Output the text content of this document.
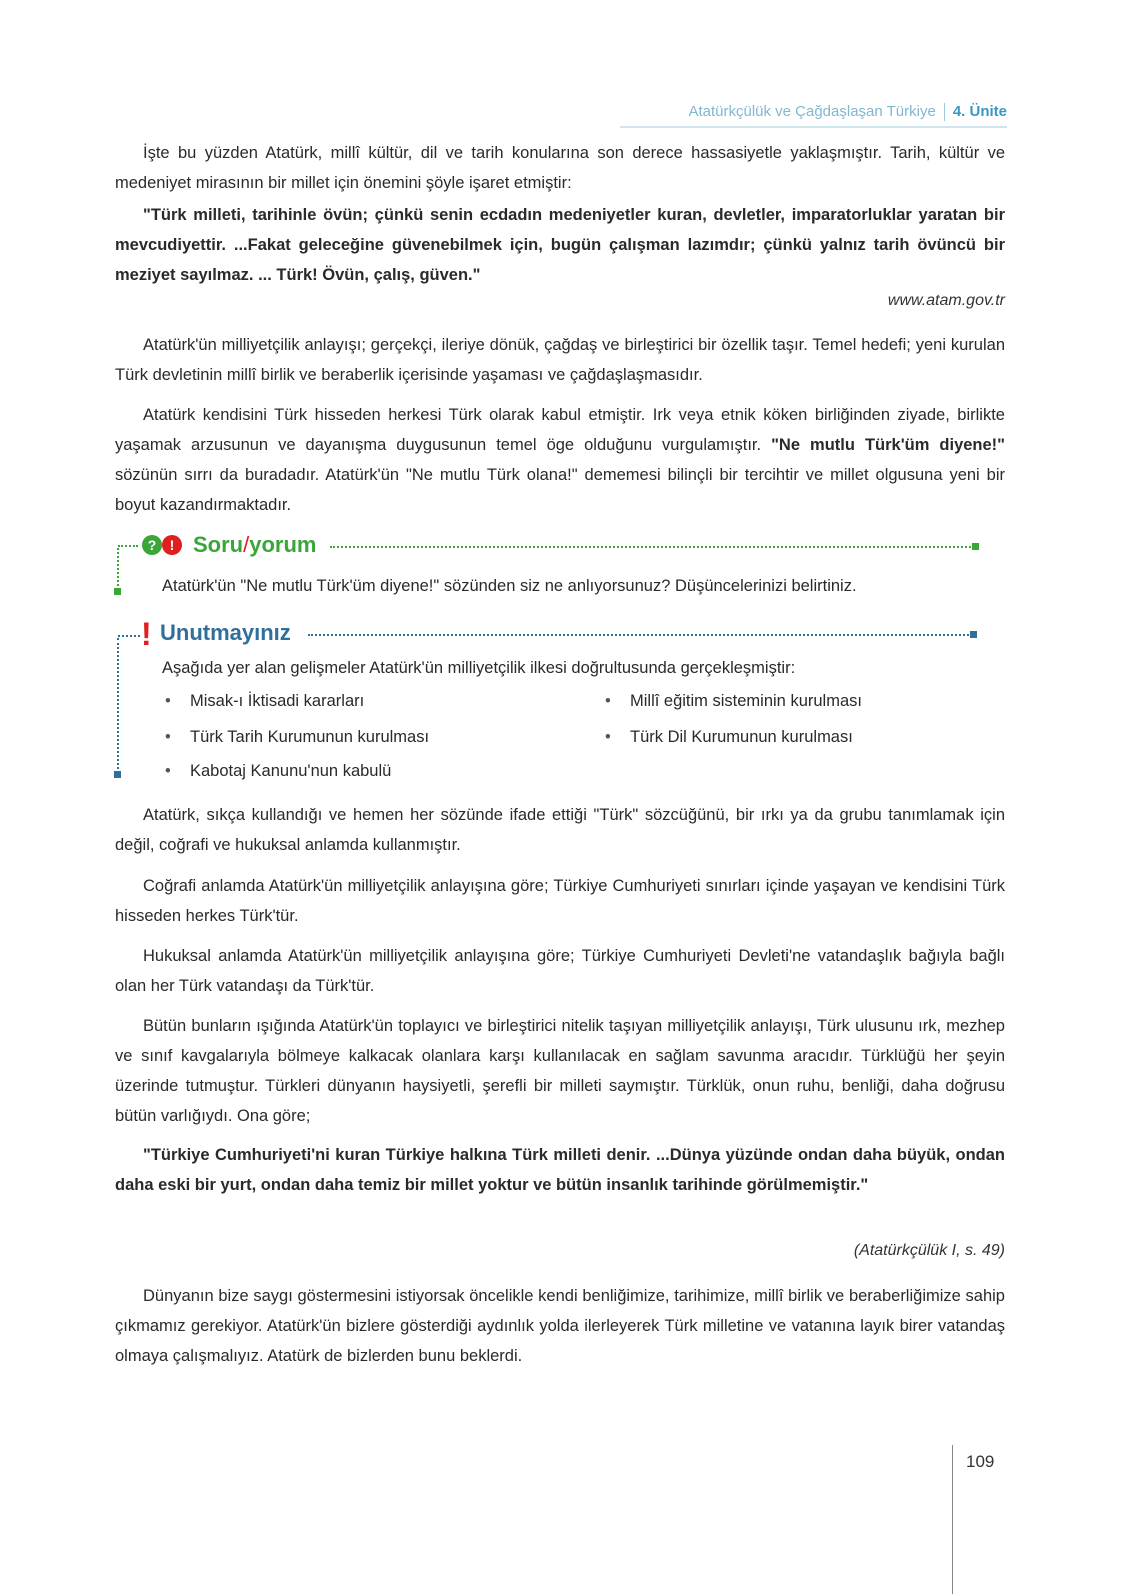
Atatürkçülük ve Çağdaşlaşan Türkiye 4. Ünite
İşte bu yüzden Atatürk, millî kültür, dil ve tarih konularına son derece hassasiyetle yaklaşmıştır. Tarih, kültür ve medeniyet mirasının bir millet için önemini şöyle işaret etmiştir:
"Türk milleti, tarihinle övün; çünkü senin ecdadın medeniyetler kuran, devletler, imparatorluklar yaratan bir mevcudiyettir. ...Fakat geleceğine güvenebilmek için, bugün çalışman lazımdır; çünkü yalnız tarih övüncü bir meziyet sayılmaz. ... Türk! Övün, çalış, güven."
www.atam.gov.tr
Atatürk'ün milliyetçilik anlayışı; gerçekçi, ileriye dönük, çağdaş ve birleştirici bir özellik taşır. Temel hedefi; yeni kurulan Türk devletinin millî birlik ve beraberlik içerisinde yaşaması ve çağdaşlaşmasıdır.
Atatürk kendisini Türk hisseden herkesi Türk olarak kabul etmiştir. Irk veya etnik köken birliğinden ziyade, birlikte yaşamak arzusunun ve dayanışma duygusunun temel öge olduğunu vurgulamıştır. "Ne mutlu Türk'üm diyene!" sözünün sırrı da buradadır. Atatürk'ün "Ne mutlu Türk olana!" dememesi bilinçli bir tercihtir ve millet olgusuna yeni bir boyut kazandırmaktadır.
? ! Soru/yorum
Atatürk'ün "Ne mutlu Türk'üm diyene!" sözünden siz ne anlıyorsunuz? Düşüncelerinizi belirtiniz.
! Unutmayınız
Aşağıda yer alan gelişmeler Atatürk'ün milliyetçilik ilkesi doğrultusunda gerçekleşmiştir:
• Misak-ı İktisadi kararları	• Millî eğitim sisteminin kurulması
• Türk Tarih Kurumunun kurulması	• Türk Dil Kurumunun kurulması
• Kabotaj Kanunu'nun kabulü
Atatürk, sıkça kullandığı ve hemen her sözünde ifade ettiği "Türk" sözcüğünü, bir ırkı ya da grubu tanımlamak için değil, coğrafi ve hukuksal anlamda kullanmıştır.
Coğrafi anlamda Atatürk'ün milliyetçilik anlayışına göre; Türkiye Cumhuriyeti sınırları içinde yaşayan ve kendisini Türk hisseden herkes Türk'tür.
Hukuksal anlamda Atatürk'ün milliyetçilik anlayışına göre; Türkiye Cumhuriyeti Devleti'ne vatandaşlık bağıyla bağlı olan her Türk vatandaşı da Türk'tür.
Bütün bunların ışığında Atatürk'ün toplayıcı ve birleştirici nitelik taşıyan milliyetçilik anlayışı, Türk ulusunu ırk, mezhep ve sınıf kavgalarıyla bölmeye kalkacak olanlara karşı kullanılacak en sağlam savunma aracıdır. Türklüğü her şeyin üzerinde tutmuştur. Türkleri dünyanın haysiyetli, şerefli bir milleti saymıştır. Türklük, onun ruhu, benliği, daha doğrusu bütün varlığıydı. Ona göre;
"Türkiye Cumhuriyeti'ni kuran Türkiye halkına Türk milleti denir. ...Dünya yüzünde ondan daha büyük, ondan daha eski bir yurt, ondan daha temiz bir millet yoktur ve bütün insanlık tarihinde görülmemiştir."
(Atatürkçülük I, s. 49)
Dünyanın bize saygı göstermesini istiyorsak öncelikle kendi benliğimize, tarihimize, millî birlik ve beraberliğimize sahip çıkmamız gerekiyor. Atatürk'ün bizlere gösterdiği aydınlık yolda ilerleyerek Türk milletine ve vatanına layık birer vatandaş olmaya çalışmalıyız. Atatürk de bizlerden bunu beklerdi.
109
